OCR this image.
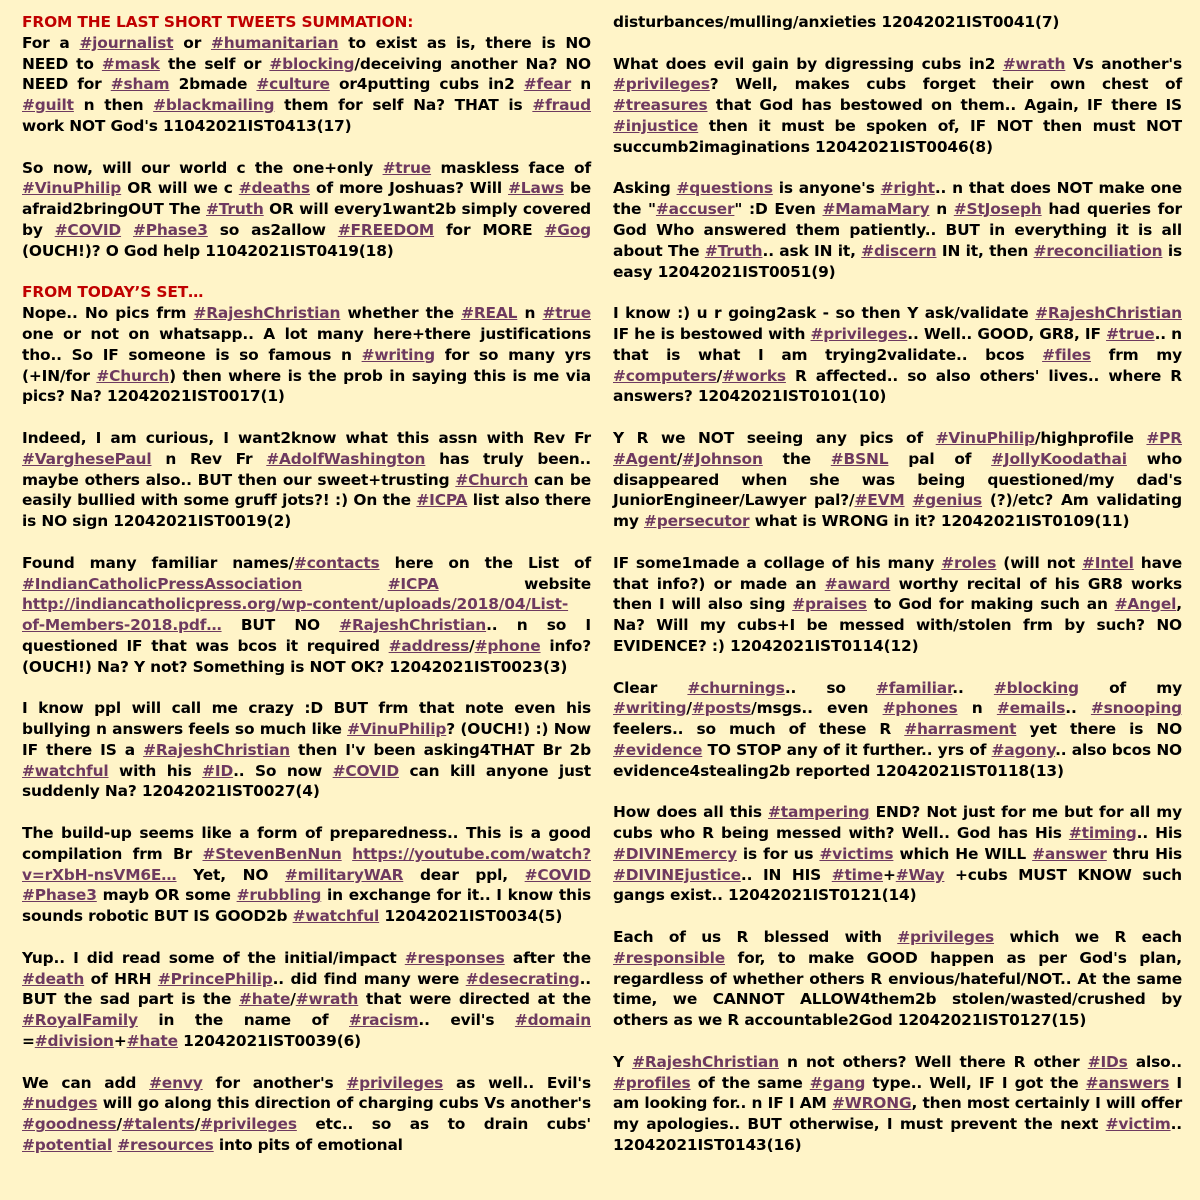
FROM THE LAST SHORT TWEETS SUMMATION:

For a #journalist or #humanitarian to exist as is, there is NO NEED to #mask the self or #blocking/deceiving another Na? NO NEED for #sham 2bmade #culture or4putting cubs in2 #fear n #guilt n then #blackmailing them for self Na? THAT is #fraud work NOT God's 11042021IST0413(17)

So now, will our world c the one+only #true maskless face of #VinuPhilip OR will we c #deaths of more Joshuas? Will #Laws be afraid2bringOUT The #Truth OR will every1want2b simply covered by #COVID #Phase3 so as2allow #FREEDOM for MORE #Gog (OUCH!)? O God help 11042021IST0419(18)

FROM TODAY’S SET…

Nope.. No pics frm #RajeshChristian whether the #REAL n #true one or not on whatsapp.. A lot many here+there justifications tho.. So IF someone is so famous n #writing for so many yrs (+IN/for #Church) then where is the prob in saying this is me via pics? Na? 12042021IST0017(1)

Indeed, I am curious, I want2know what this assn with Rev Fr #VarghesePaul n Rev Fr #AdolfWashington has truly been.. maybe others also.. BUT then our sweet+trusting #Church can be easily bullied with some gruff jots?! :) On the #ICPA list also there is NO sign 12042021IST0019(2)

Found many familiar names/#contacts here on the List of #IndianCatholicPressAssociation	#ICPA website http://indiancatholicpress.org/wp-content/uploads/2018/04/List-of-Members-2018.pdf… BUT NO #RajeshChristian.. n so I questioned IF that was bcos it required #address/#phone info? (OUCH!) Na? Y not? Something is NOT OK? 12042021IST0023(3)

I know ppl will call me crazy :D BUT frm that note even his bullying n answers feels so much like #VinuPhilip? (OUCH!) :) Now IF there IS a #RajeshChristian then I'v been asking4THAT Br 2b #watchful with his #ID.. So now #COVID can kill anyone just suddenly Na? 12042021IST0027(4)

The build-up seems like a form of preparedness.. This is a good compilation frm Br #StevenBenNun https://youtube.com/watch?v=rXbH-nsVM6E… Yet, NO #militaryWAR dear ppl, #COVID #Phase3 mayb OR some #rubbling in exchange for it.. I know this sounds robotic BUT IS GOOD2b #watchful 12042021IST0034(5)

Yup.. I did read some of the initial/impact #responses after the #death of HRH #PrincePhilip.. did find many were #desecrating.. BUT the sad part is the #hate/#wrath that were directed at the #RoyalFamily in the name of #racism.. evil's #domain =#division+#hate 12042021IST0039(6)

We can add #envy for another's #privileges as well.. Evil's #nudges will go along this direction of charging cubs Vs another's #goodness/#talents/#privileges etc.. so as to drain cubs' #potential #resources into pits of emotional

disturbances/mulling/anxieties 12042021IST0041(7)

What does evil gain by digressing cubs in2 #wrath Vs another's #privileges? Well, makes cubs forget their own chest of #treasures that God has bestowed on them.. Again, IF there IS #injustice then it must be spoken of, IF NOT then must NOT succumb2imaginations 12042021IST0046(8)

Asking #questions is anyone's #right.. n that does NOT make one the "#accuser" :D Even #MamaMary n #StJoseph had queries for God Who answered them patiently.. BUT in everything it is all about The #Truth.. ask IN it, #discern IN it, then #reconciliation is easy 12042021IST0051(9)

I know :) u r going2ask - so then Y ask/validate #RajeshChristian IF he is bestowed with #privileges.. Well.. GOOD, GR8, IF #true.. n that is what I am trying2validate.. bcos #files frm my #computers/#works R affected.. so also others' lives.. where R answers? 12042021IST0101(10)

Y R we NOT seeing any pics of #VinuPhilip/highprofile #PR #Agent/#Johnson the #BSNL pal of #JollyKoodathai who disappeared when she was being questioned/my dad's JuniorEngineer/Lawyer pal?/#EVM #genius (?)/etc? Am validating my #persecutor what is WRONG in it? 12042021IST0109(11)

IF some1made a collage of his many #roles (will not #Intel have that info?) or made an #award worthy recital of his GR8 works then I will also sing #praises to God for making such an #Angel, Na? Will my cubs+I be messed with/stolen frm by such? NO EVIDENCE? :) 12042021IST0114(12)

Clear #churnings.. so #familiar.. #blocking of my #writing/#posts/msgs.. even #phones n #emails.. #snooping feelers.. so much of these R #harrasment yet there is NO #evidence TO STOP any of it further.. yrs of #agony.. also bcos NO evidence4stealing2b reported 12042021IST0118(13)

How does all this #tampering END? Not just for me but for all my cubs who R being messed with? Well.. God has His #timing.. His #DIVINEmercy is for us #victims which He WILL #answer thru His #DIVINEjustice.. IN HIS #time+#Way +cubs MUST KNOW such gangs exist.. 12042021IST0121(14)

Each of us R blessed with #privileges which we R each #responsible for, to make GOOD happen as per God's plan, regardless of whether others R envious/hateful/NOT.. At the same time, we CANNOT ALLOW4them2b stolen/wasted/crushed by others as we R accountable2God 12042021IST0127(15)

Y #RajeshChristian n not others? Well there R other #IDs also.. #profiles of the same #gang type.. Well, IF I got the #answers I am looking for.. n IF I AM #WRONG, then most certainly I will offer my apologies.. BUT otherwise, I must prevent the next #victim.. 12042021IST0143(16)
